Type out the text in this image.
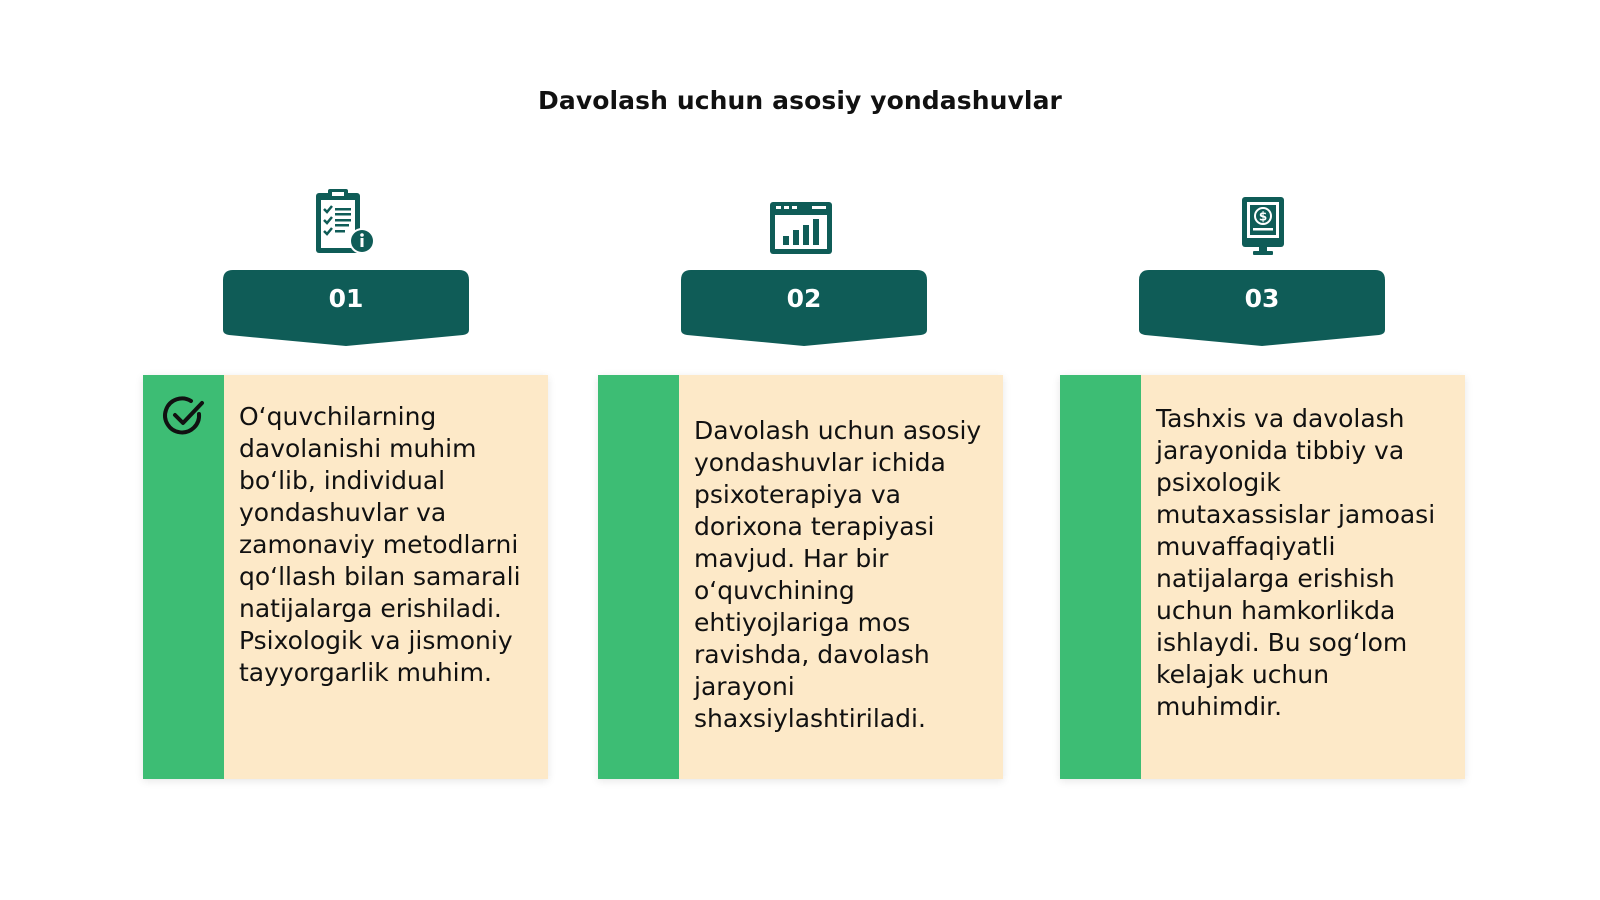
Davolash uchun asosiy yondashuvlar
01
O‘quvchilarning davolanishi muhim bo‘lib, individual yondashuvlar va zamonaviy metodlarni qo‘llash bilan samarali natijalarga erishiladi. Psixologik va jismoniy tayyorgarlik muhim.
02
Davolash uchun asosiy yondashuvlar ichida psixoterapiya va dorixona terapiyasi mavjud. Har bir o‘quvchining ehtiyojlariga mos ravishda, davolash jarayoni shaxsiylashtiriladi.
$
03
Tashxis va davolash jarayonida tibbiy va psixologik mutaxassislar jamoasi muvaffaqiyatli natijalarga erishish uchun hamkorlikda ishlaydi. Bu sog‘lom kelajak uchun muhimdir.
